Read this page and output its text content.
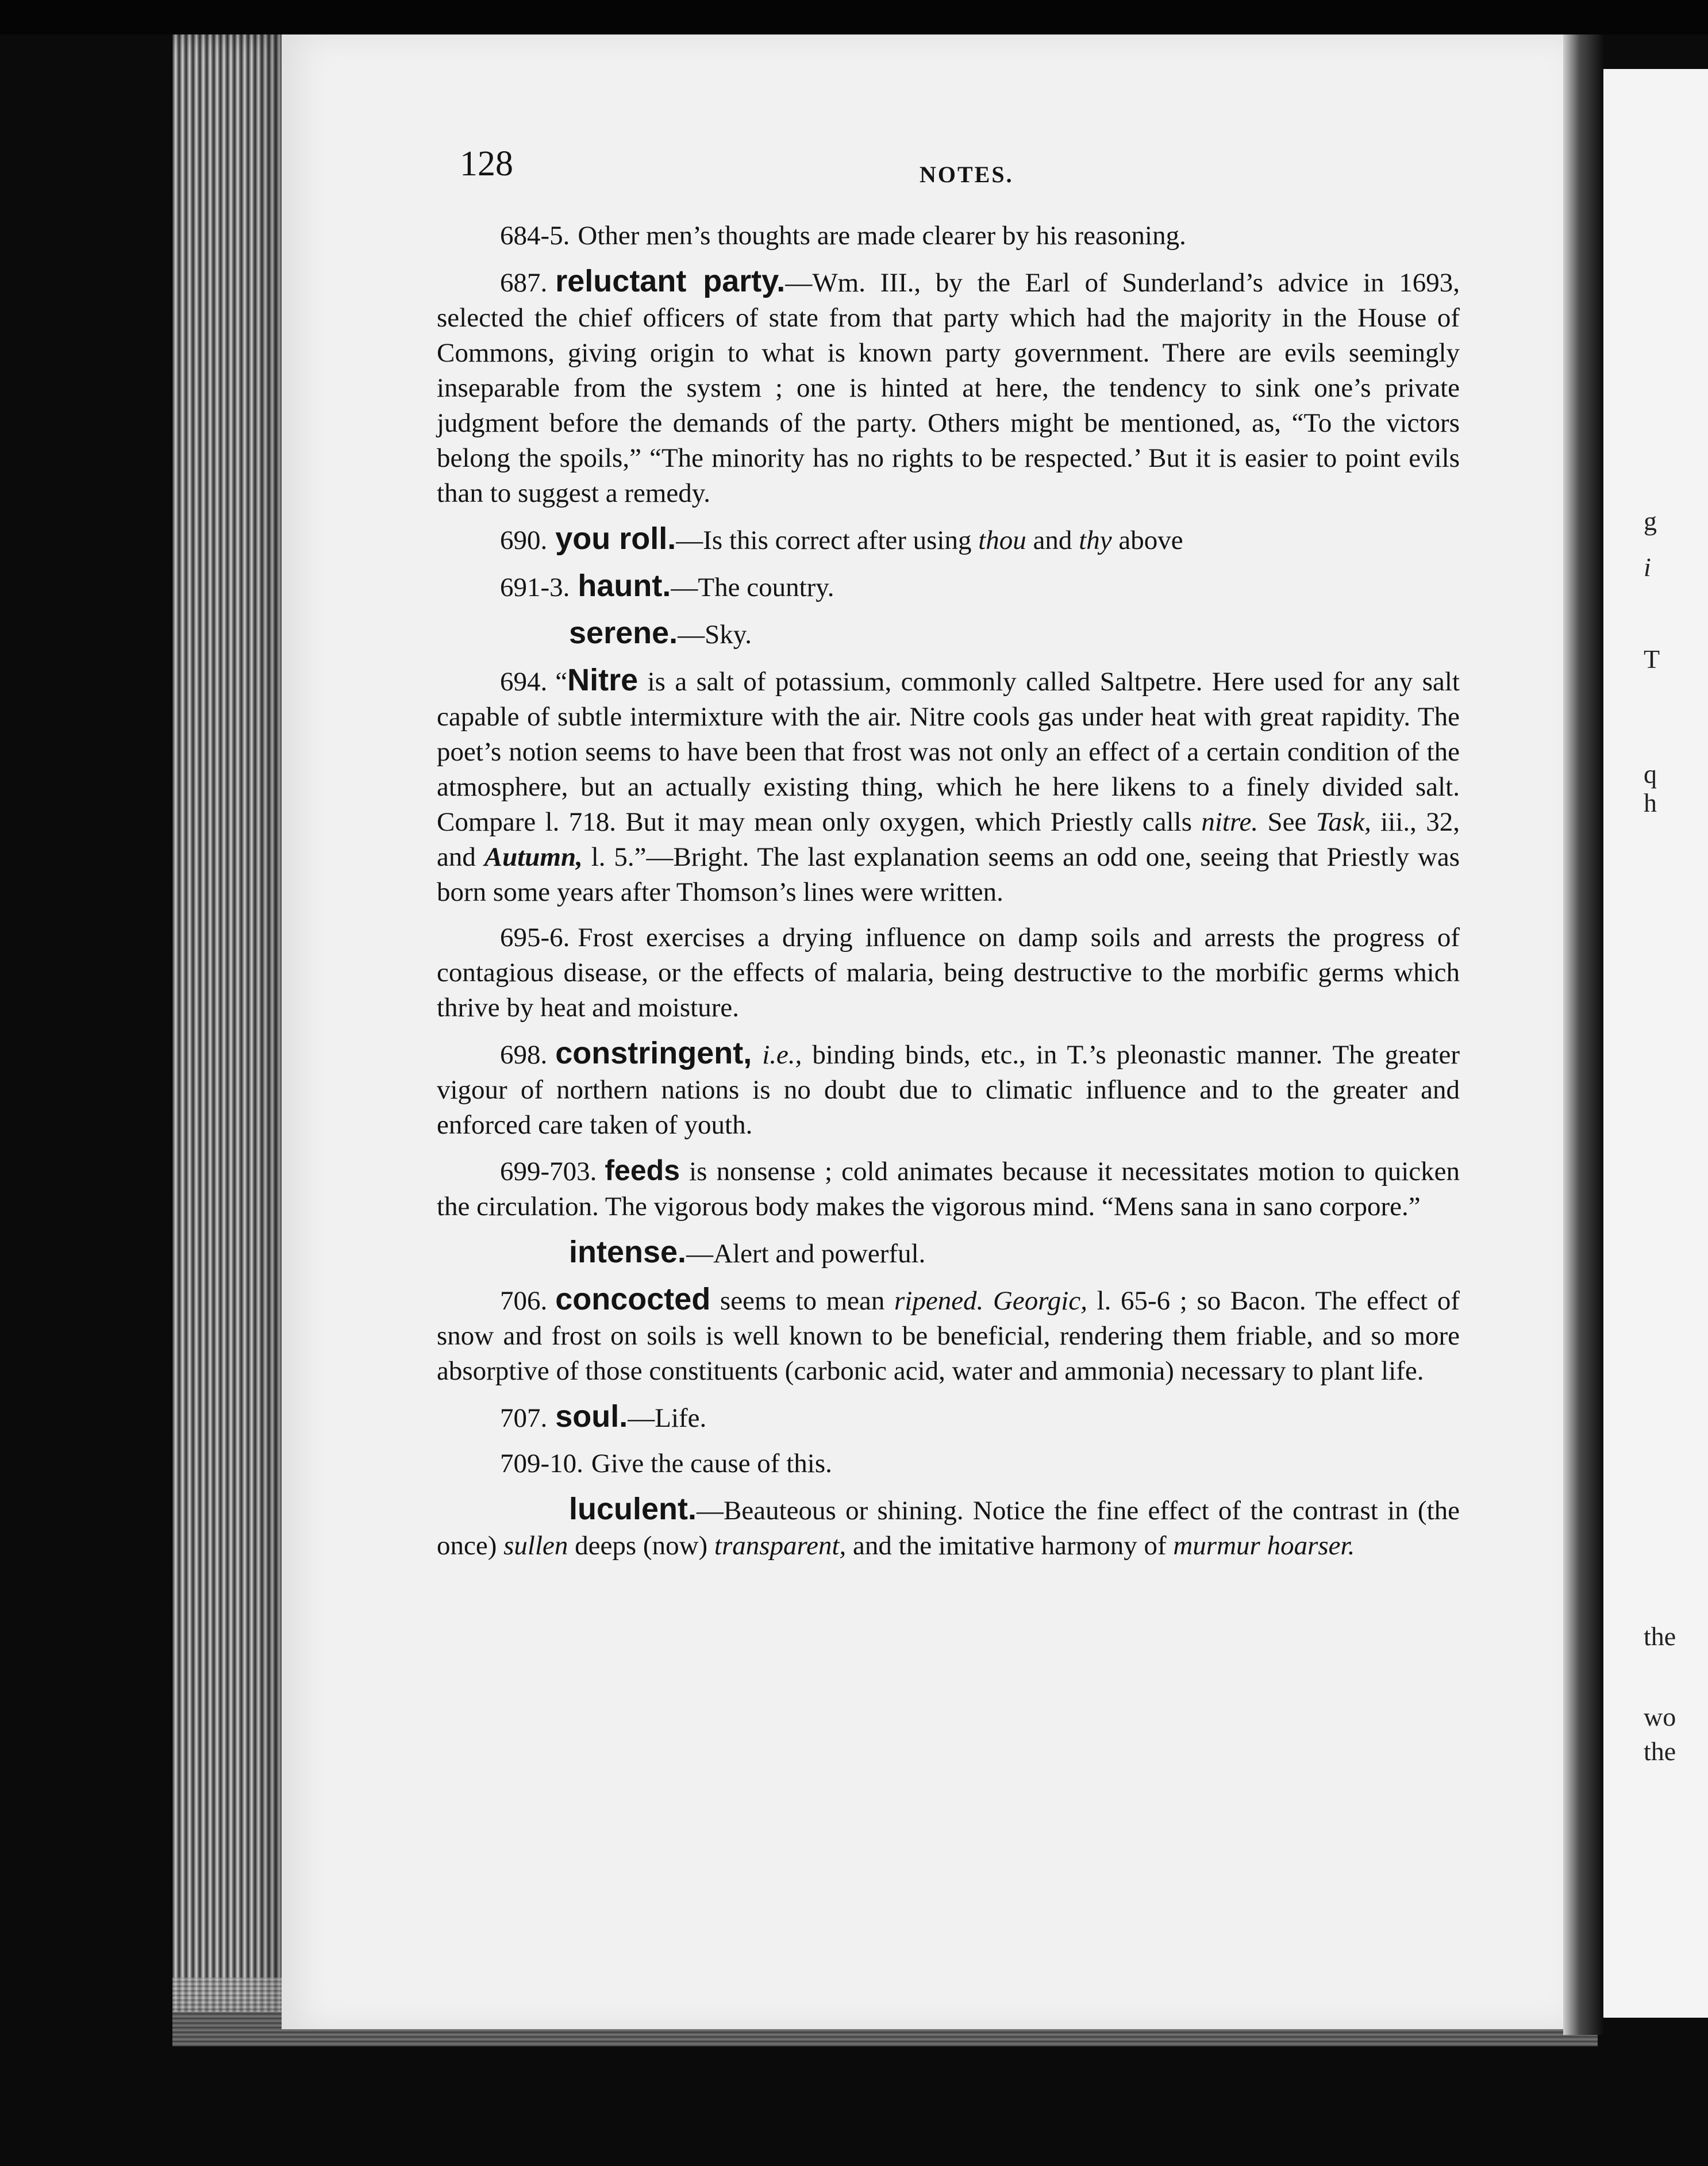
g
i
T
q
h
the
wo
the
128	NOTES.

684-5. Other men’s thoughts are made clearer by his reasoning.

687. reluctant party.—Wm. III., by the Earl of Sunderland’s advice in 1693, selected the chief officers of state from that party which had the majority in the House of Commons, giving origin to what is known party government. There are evils seemingly inseparable from the system ; one is hinted at here, the tendency to sink one’s private judgment before the demands of the party. Others might be mentioned, as, “To the victors belong the spoils,” “The minority has no rights to be respected.’ But it is easier to point evils than to suggest a remedy.

690. you roll.—Is this correct after using thou and thy above

691-3. haunt.—The country.

serene.—Sky.

694. “Nitre is a salt of potassium, commonly called Saltpetre. Here used for any salt capable of subtle intermixture with the air. Nitre cools gas under heat with great rapidity. The poet’s notion seems to have been that frost was not only an effect of a certain condition of the atmosphere, but an actually existing thing, which he here likens to a finely divided salt. Compare l. 718. But it may mean only oxygen, which Priestly calls nitre. See Task, iii., 32, and Autumn, l. 5.”—Bright. The last explanation seems an odd one, seeing that Priestly was born some years after Thomson’s lines were written.

695-6. Frost exercises a drying influence on damp soils and arrests the progress of contagious disease, or the effects of malaria, being destructive to the morbific germs which thrive by heat and moisture.

698. constringent, i.e., binding binds, etc., in T.’s pleonastic manner. The greater vigour of northern nations is no doubt due to climatic influence and to the greater and enforced care taken of youth.

699-703. feeds is nonsense ; cold animates because it necessitates motion to quicken the circulation. The vigorous body makes the vigorous mind. “Mens sana in sano corpore.”

intense.—Alert and powerful.

706. concocted seems to mean ripened. Georgic, l. 65-6 ; so Bacon. The effect of snow and frost on soils is well known to be beneficial, rendering them friable, and so more absorptive of those constituents (carbonic acid, water and ammonia) necessary to plant life.

707. soul.—Life.

709-10. Give the cause of this.

luculent.—Beauteous or shining. Notice the fine effect of the contrast in (the once) sullen deeps (now) transparent, and the imitative harmony of murmur hoarser.
